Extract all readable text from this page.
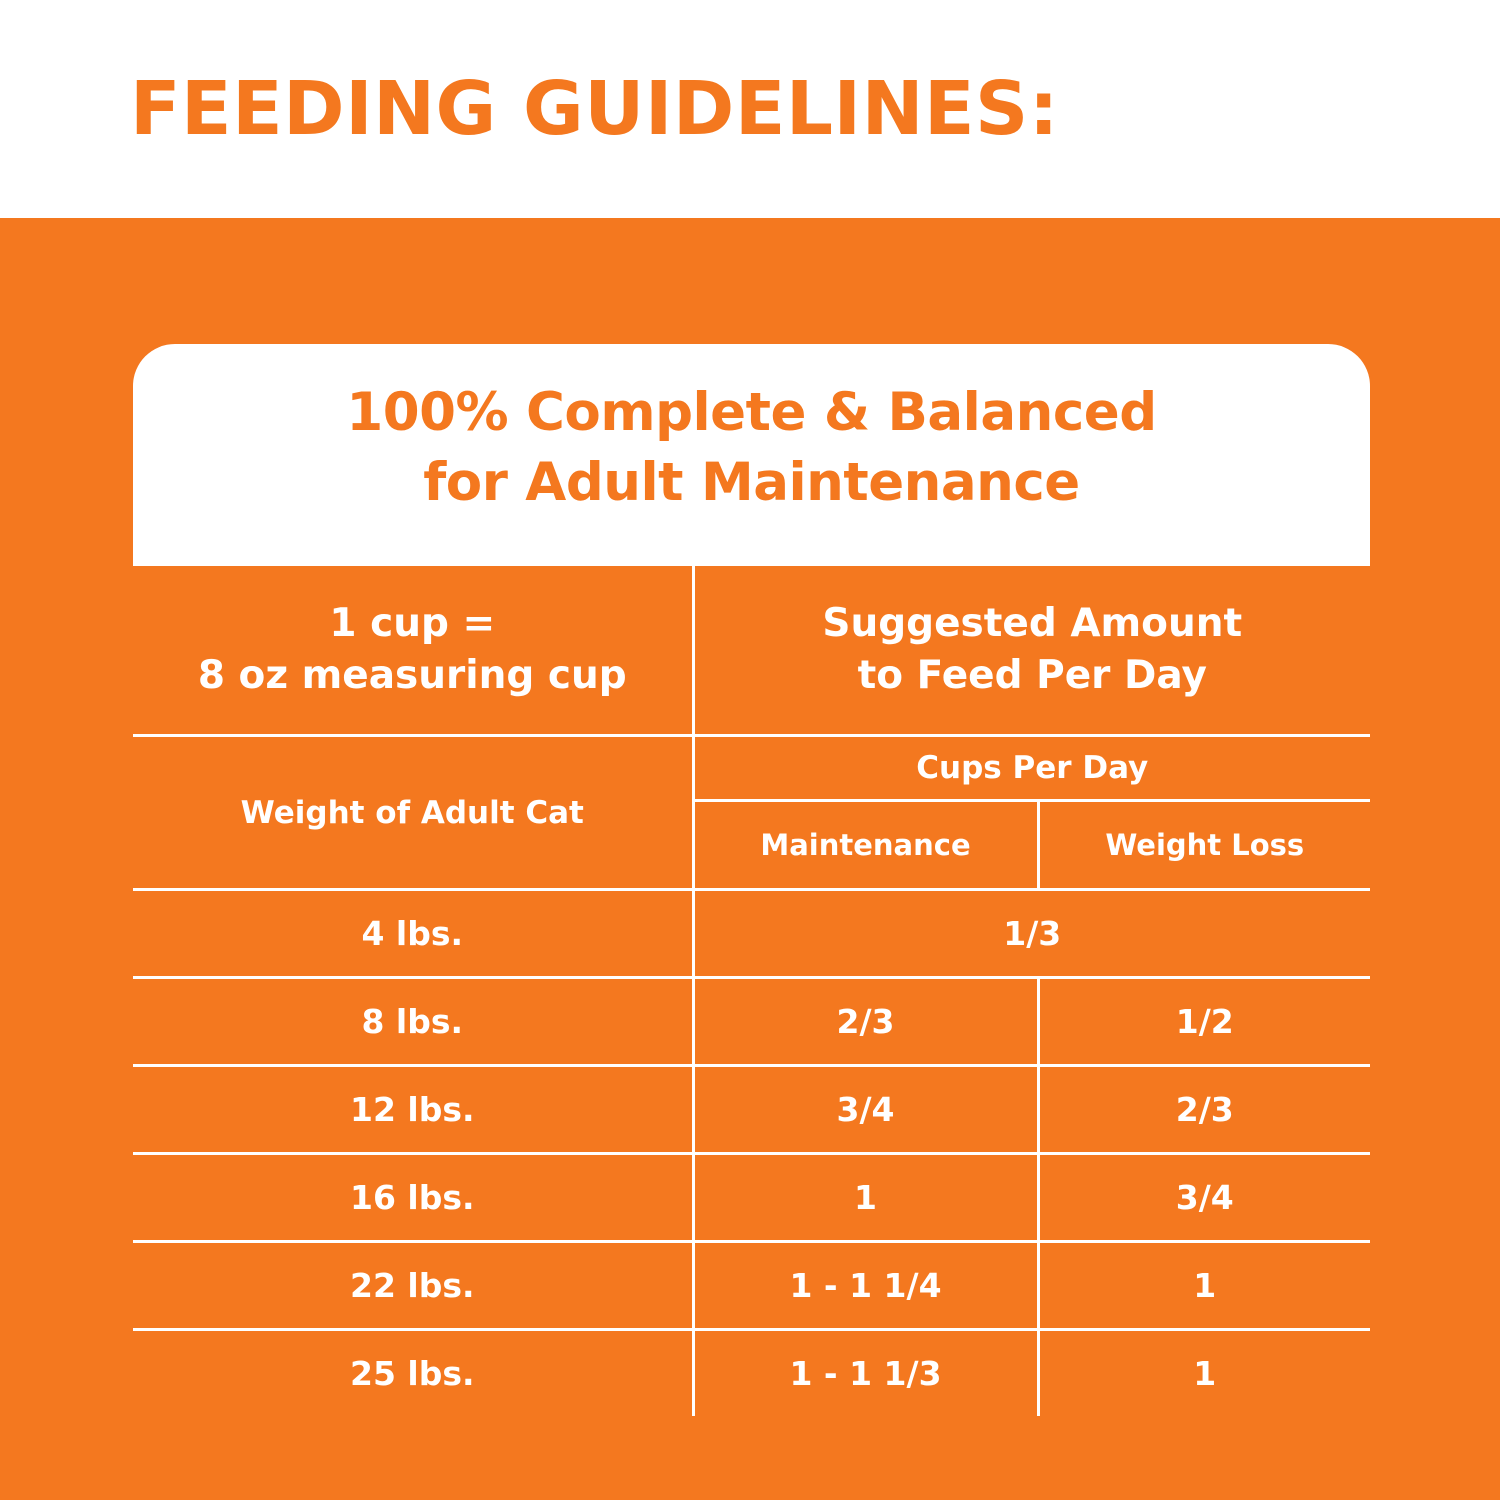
FEEDING GUIDELINES:
100% Complete & Balanced
for Adult Maintenance
1 cup =
8 oz measuring cup

Suggested Amount
to Feed Per Day

Weight of Adult Cat	Cups Per Day	
	Maintenance	Weight Loss
4 lbs.	1/3	
8 lbs.	2/3	1/2
12 lbs.	3/4	2/3
16 lbs.	1	3/4
22 lbs.	1 - 1 1/4	1
25 lbs.	1 - 1 1/3	1
